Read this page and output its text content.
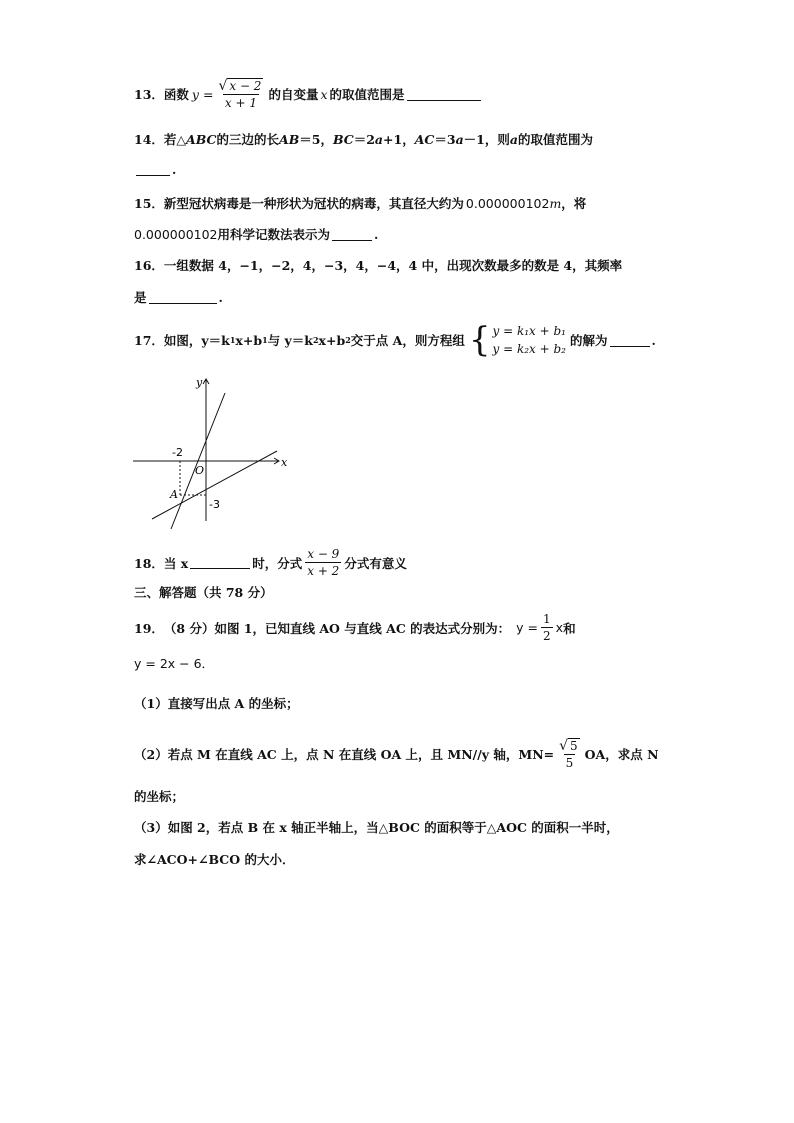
13． 函数 $y = \frac{√ x - 2}{x + 1}$ 的自变量 x 的取值范围是
14． 若△ ABC 的三边的长 AB ＝5， BC ＝2 a +1， AC ＝3 a －1，则 a 的取值范围为
.
15． 新型冠状病毒是一种形状为冠状的病毒，其直径大约为 0.000000102 m ，将
0.000000102 用科学记数法表示为	.
16． 一组数据 4，−1，−2，4，−3，4，−4，4 中，出现次数最多的数是 4，其频率
是	.
17． 如图，y＝k 1 x+b 1 与 y＝k 2 x+b 2 交于点 A，则方程组 { y = k₁x + b₁
y = k₂x + b₂
的解为	.
y
x
O
A
-2
-3
18． 当 x	时，分式 $\frac{x - 9}{x + 2}$ 分式有意义
三、解答题（共 78 分）
19． （8 分）如图 1，已知直线 AO 与直线 AC 的表达式分别为： $y = \frac{1}{2}$ x 和
y = 2x − 6．
（1）直接写出点 A 的坐标；
（2）若点 M 在直线 AC 上，点 N 在直线 OA 上，且 MN//y 轴，$MN= \frac{√ 5}{5}$ OA，求点 N
的坐标；
（3）如图 2，若点 B 在 x 轴正半轴上，当△BOC 的面积等于△AOC 的面积一半时，
求∠ACO+∠BCO 的大小．
